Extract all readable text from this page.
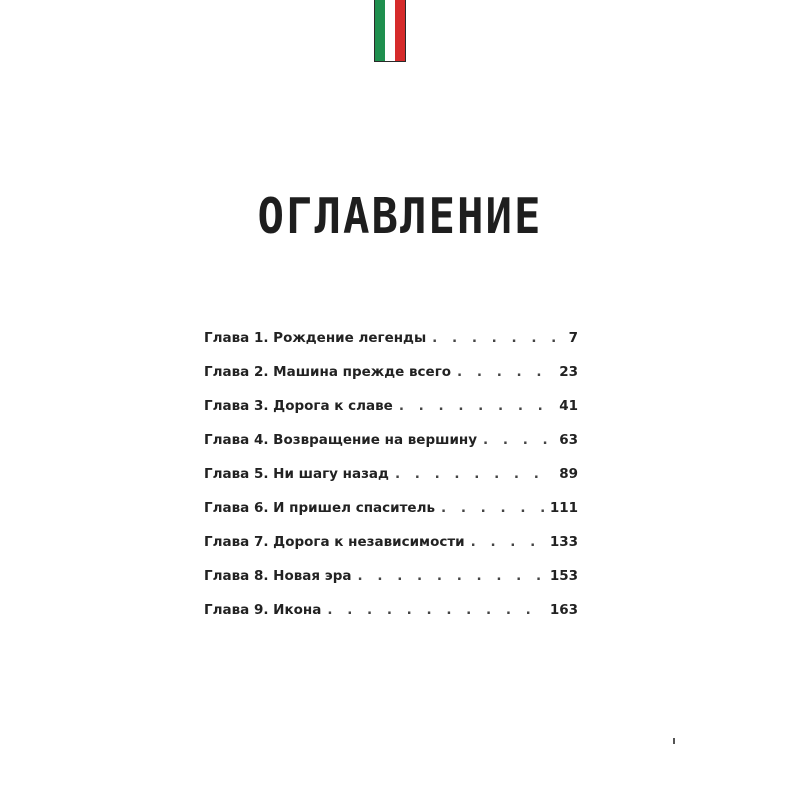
ОГЛАВЛЕНИЕ
Глава 1. Рождение легенды . . .	7
Глава 2. Машина прежде всего . . .	23
Глава 3. Дорога к славе . . .	41
Глава 4. Возвращение на вершину . . .	63
Глава 5. Ни шагу назад . . .	89
Глава 6. И пришел спаситель . . .	111
Глава 7. Дорога к независимости . . .	133
Глава 8. Новая эра . . .	153
Глава 9. Икона . . .	163
